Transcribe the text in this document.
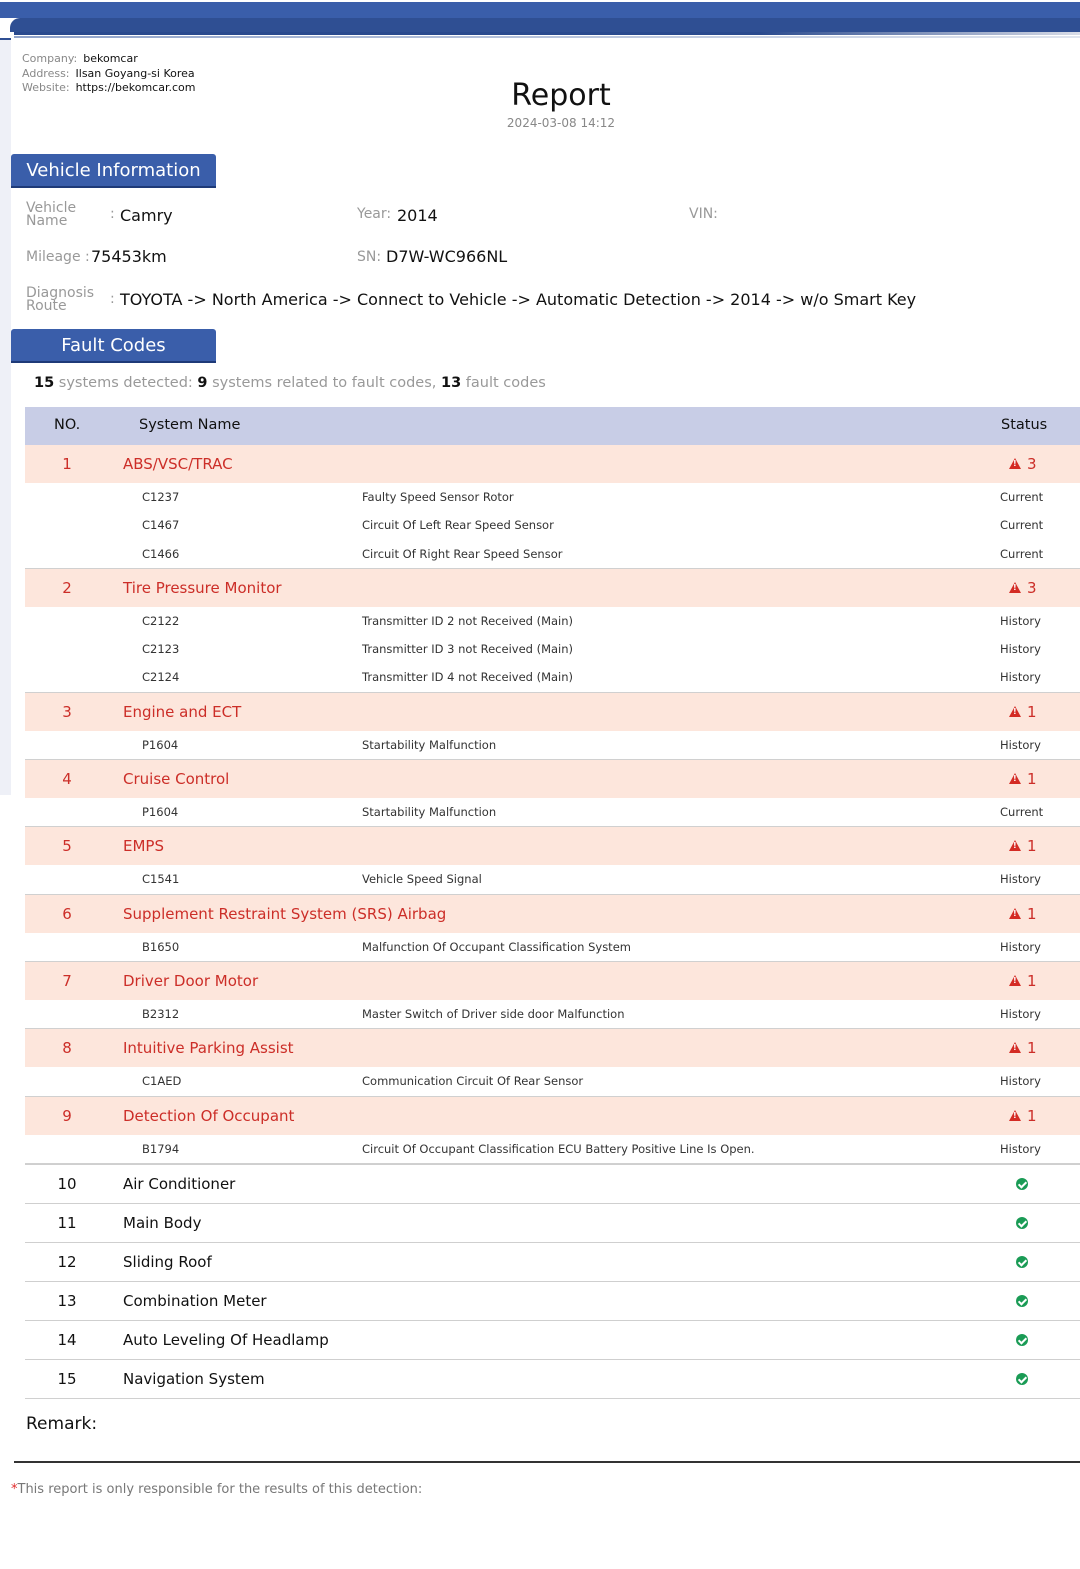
Company: bekomcar
Address: Ilsan Goyang-si Korea
Website: https://bekomcar.com	Report
2024-03-08 14:12
Vehicle Information
Vehicle
Name	: Camry	Year: 2014	VIN:
Mileage : 75453km	SN: D7W-WC966NL
Diagnosis
Route	: TOYOTA -> North America -> Connect to Vehicle -> Automatic Detection -> 2014 -> w/o Smart Key
Fault Codes
15 systems detected: 9 systems related to fault codes, 13 fault codes
NO.	System Name	Status
1	ABS/VSC/TRAC !	3
C1237	Faulty Speed Sensor Rotor	Current
C1467	Circuit Of Left Rear Speed Sensor	Current
C1466	Circuit Of Right Rear Speed Sensor	Current
2	Tire Pressure Monitor !	3
C2122	Transmitter ID 2 not Received (Main)	History
C2123	Transmitter ID 3 not Received (Main)	History
C2124	Transmitter ID 4 not Received (Main)	History
3	Engine and ECT !	1
P1604	Startability Malfunction	History
4	Cruise Control !	1
P1604	Startability Malfunction	Current
5	EMPS !	1
C1541	Vehicle Speed Signal	History
6	Supplement Restraint System (SRS) Airbag !	1
B1650	Malfunction Of Occupant Classification System	History
7	Driver Door Motor !	1
B2312	Master Switch of Driver side door Malfunction	History
8	Intuitive Parking Assist !	1
C1AED	Communication Circuit Of Rear Sensor	History
9	Detection Of Occupant !	1
B1794	Circuit Of Occupant Classification ECU Battery Positive Line Is Open.	History
10	Air Conditioner
11	Main Body
12	Sliding Roof
13	Combination Meter
14	Auto Leveling Of Headlamp
15	Navigation System
Remark:
*This report is only responsible for the results of this detection:
